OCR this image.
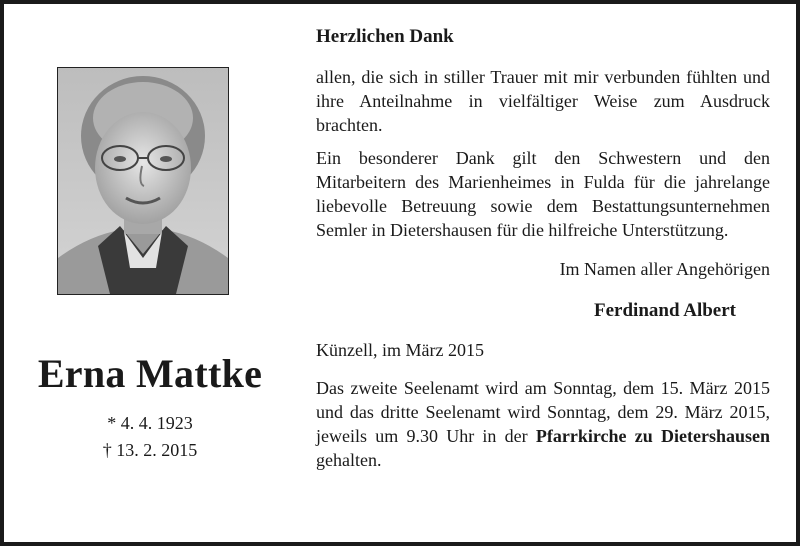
Erna Mattke
* 4. 4. 1923
† 13. 2. 2015
Herzlichen Dank

allen, die sich in stiller Trauer mit mir verbunden fühlten und ihre Anteilnahme in vielfältiger Weise zum Ausdruck brachten.

Ein besonderer Dank gilt den Schwestern und den Mitarbeitern des Marienheimes in Fulda für die jahrelange liebevolle Betreuung sowie dem Bestattungsunternehmen Semler in Dietershausen für die hilfreiche Unterstützung.

Im Namen aller Angehörigen
Ferdinand Albert
Künzell, im März 2015

Das zweite Seelenamt wird am Sonntag, dem 15. März 2015 und das dritte Seelenamt wird Sonntag, dem 29. März 2015, jeweils um 9.30 Uhr in der Pfarrkirche zu Dietershausen gehalten.
